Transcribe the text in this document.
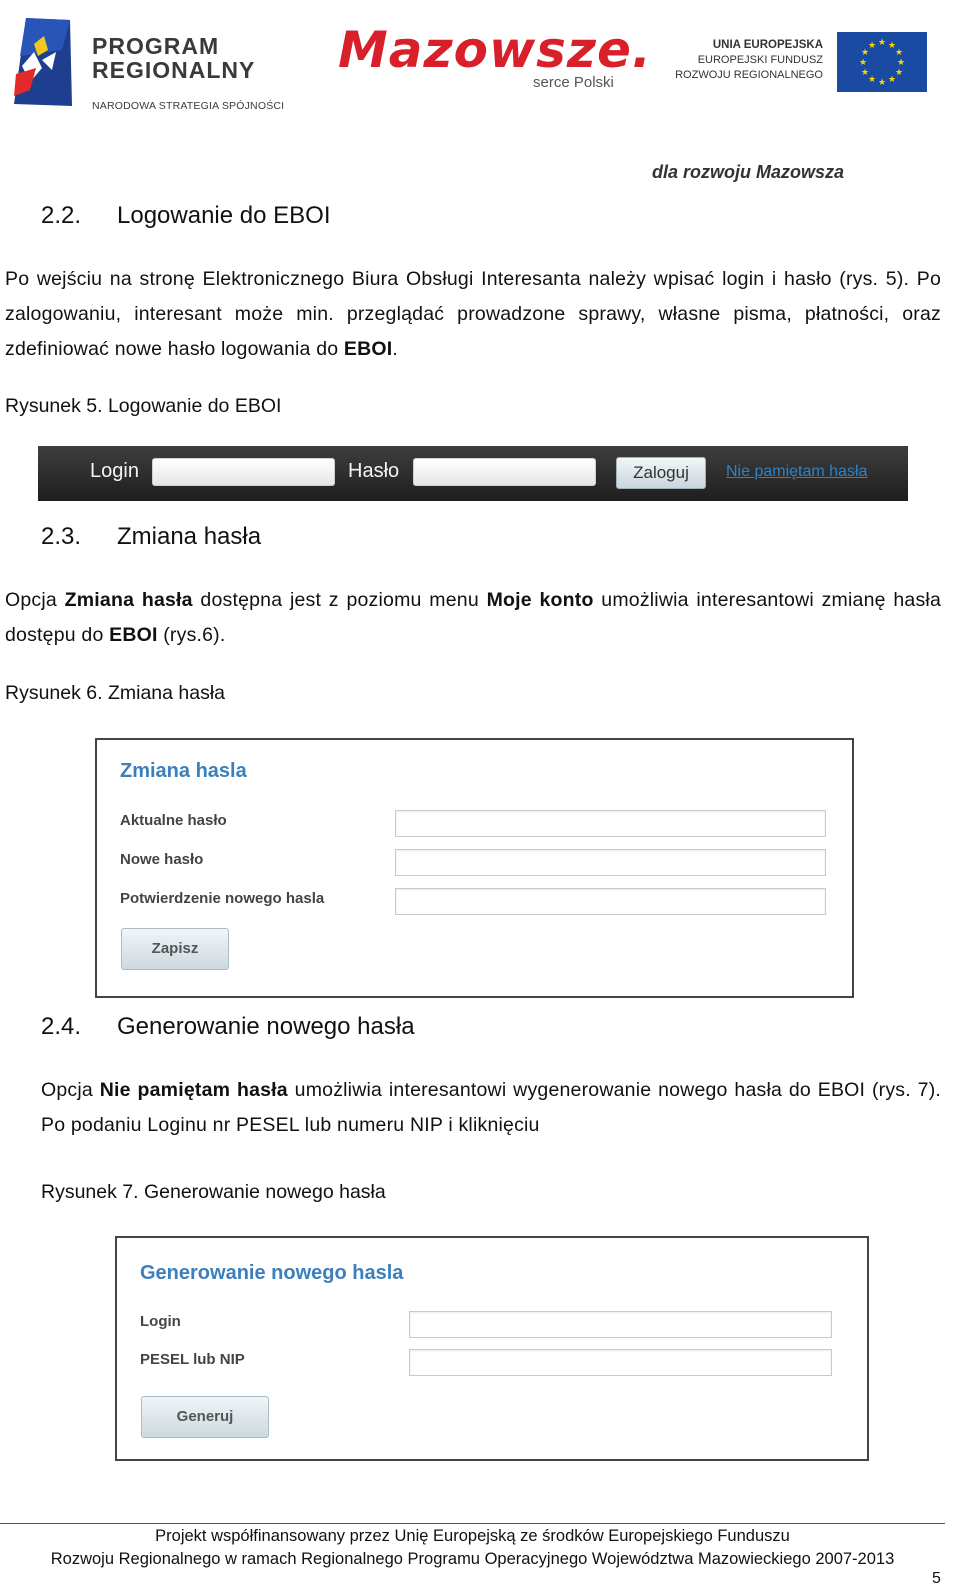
PROGRAM
REGIONALNY
NARODOWA STRATEGIA SPÓJNOŚCI
Mazowsze.
serce Polski
UNIA EUROPEJSKA
EUROPEJSKI FUNDUSZ
ROZWOJU REGIONALNEGO
★ ★
★
★
★
★
★
★
★
★
★
★
dla rozwoju Mazowsza
2.2. Logowanie do EBOI
Po wejściu na stronę Elektronicznego Biura Obsługi Interesanta należy wpisać login i hasło (rys. 5). Po zalogowaniu, interesant może min. przeglądać prowadzone sprawy, własne pisma, płatności, oraz zdefiniować nowe hasło logowania do EBOI.
Rysunek 5. Logowanie do EBOI
Login	Hasło	Zaloguj	Nie pamiętam hasła
2.3. Zmiana hasła
Opcja Zmiana hasła dostępna jest z poziomu menu Moje konto umożliwia interesantowi zmianę hasła dostępu do EBOI (rys.6).
Rysunek 6. Zmiana hasła
Zmiana hasla
Aktualne hasło
Nowe hasło
Potwierdzenie nowego hasla
Zapisz
2.4. Generowanie nowego hasła
Opcja Nie pamiętam hasła umożliwia interesantowi wygenerowanie nowego hasła do EBOI (rys. 7). Po podaniu Loginu nr PESEL lub numeru NIP i kliknięciu
Rysunek 7. Generowanie nowego hasła
Generowanie nowego hasla
Login
PESEL lub NIP
Generuj
Projekt współfinansowany przez Unię Europejską ze środków Europejskiego Funduszu
Rozwoju Regionalnego w ramach Regionalnego Programu Operacyjnego Województwa Mazowieckiego 2007-2013
5
